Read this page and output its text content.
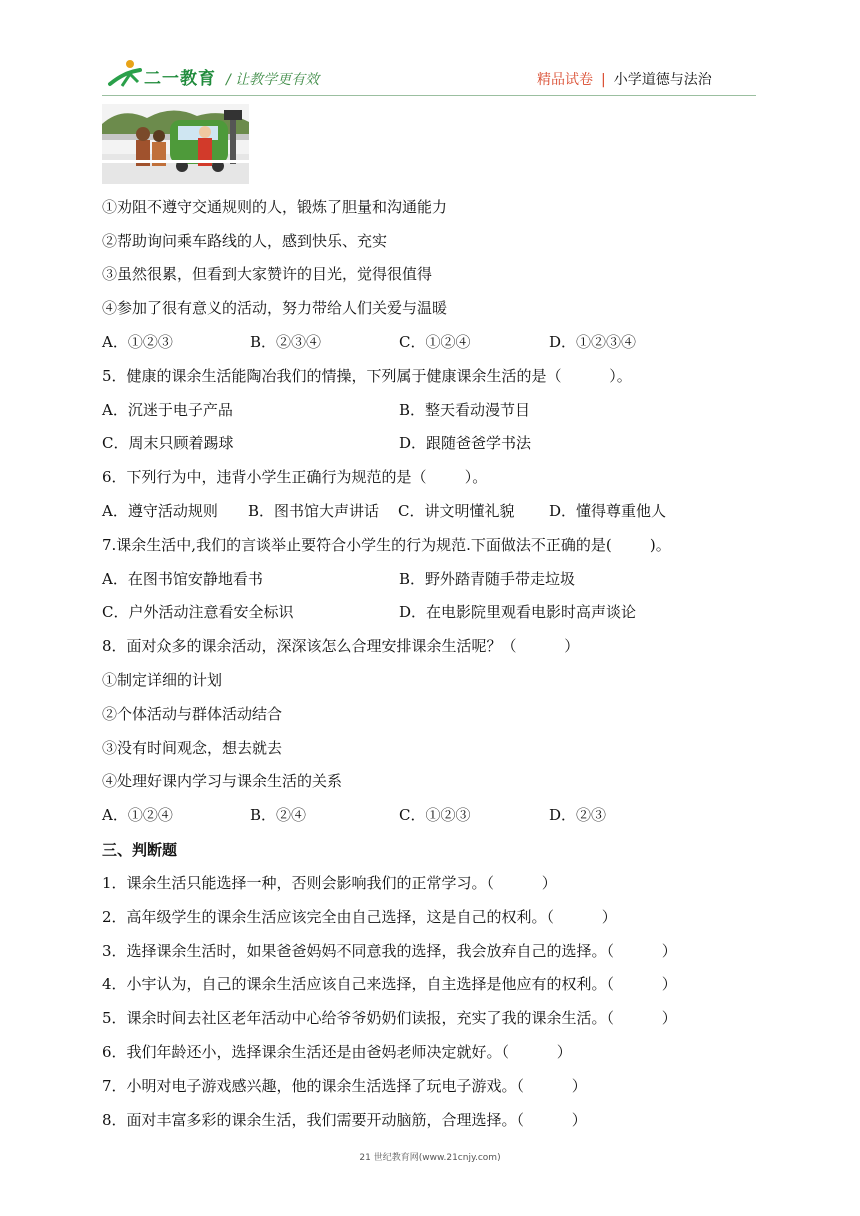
二一教育 / 让教学更有效	精品试卷 | 小学道德与法治
①劝阻不遵守交通规则的人，锻炼了胆量和沟通能力
②帮助询问乘车路线的人，感到快乐、充实
③虽然很累，但看到大家赞许的目光，觉得很值得
④参加了很有意义的活动，努力带给人们关爱与温暖
A．①②③	B．②③④	C．①②④	D．①②③④
5．健康的课余生活能陶冶我们的情操，下列属于健康课余生活的是（          ）。
A．沉迷于电子产品	B．整天看动漫节目
C．周末只顾着踢球	D．跟随爸爸学书法
6．下列行为中，违背小学生正确行为规范的是（        ）。
A．遵守活动规则 B．图书馆大声讲话 C．讲文明懂礼貌 D．懂得尊重他人
7.课余生活中,我们的言谈举止要符合小学生的行为规范.下面做法不正确的是(        )。
A．在图书馆安静地看书	B．野外踏青随手带走垃圾
C．户外活动注意看安全标识	D．在电影院里观看电影时高声谈论
8．面对众多的课余活动，深深该怎么合理安排课余生活呢？（          ）
①制定详细的计划
②个体活动与群体活动结合
③没有时间观念，想去就去
④处理好课内学习与课余生活的关系
A．①②④	B．②④	C．①②③	D．②③
三、判断题
1．课余生活只能选择一种，否则会影响我们的正常学习。（          ）
2．高年级学生的课余生活应该完全由自己选择，这是自己的权利。（          ）
3．选择课余生活时，如果爸爸妈妈不同意我的选择，我会放弃自己的选择。（          ）
4．小宇认为，自己的课余生活应该自己来选择，自主选择是他应有的权利。（          ）
5．课余时间去社区老年活动中心给爷爷奶奶们读报，充实了我的课余生活。（          ）
6．我们年龄还小，选择课余生活还是由爸妈老师决定就好。（          ）
7．小明对电子游戏感兴趣，他的课余生活选择了玩电子游戏。（          ）
8．面对丰富多彩的课余生活，我们需要开动脑筋，合理选择。（          ）
21 世纪教育网(www.21cnjy.com)
